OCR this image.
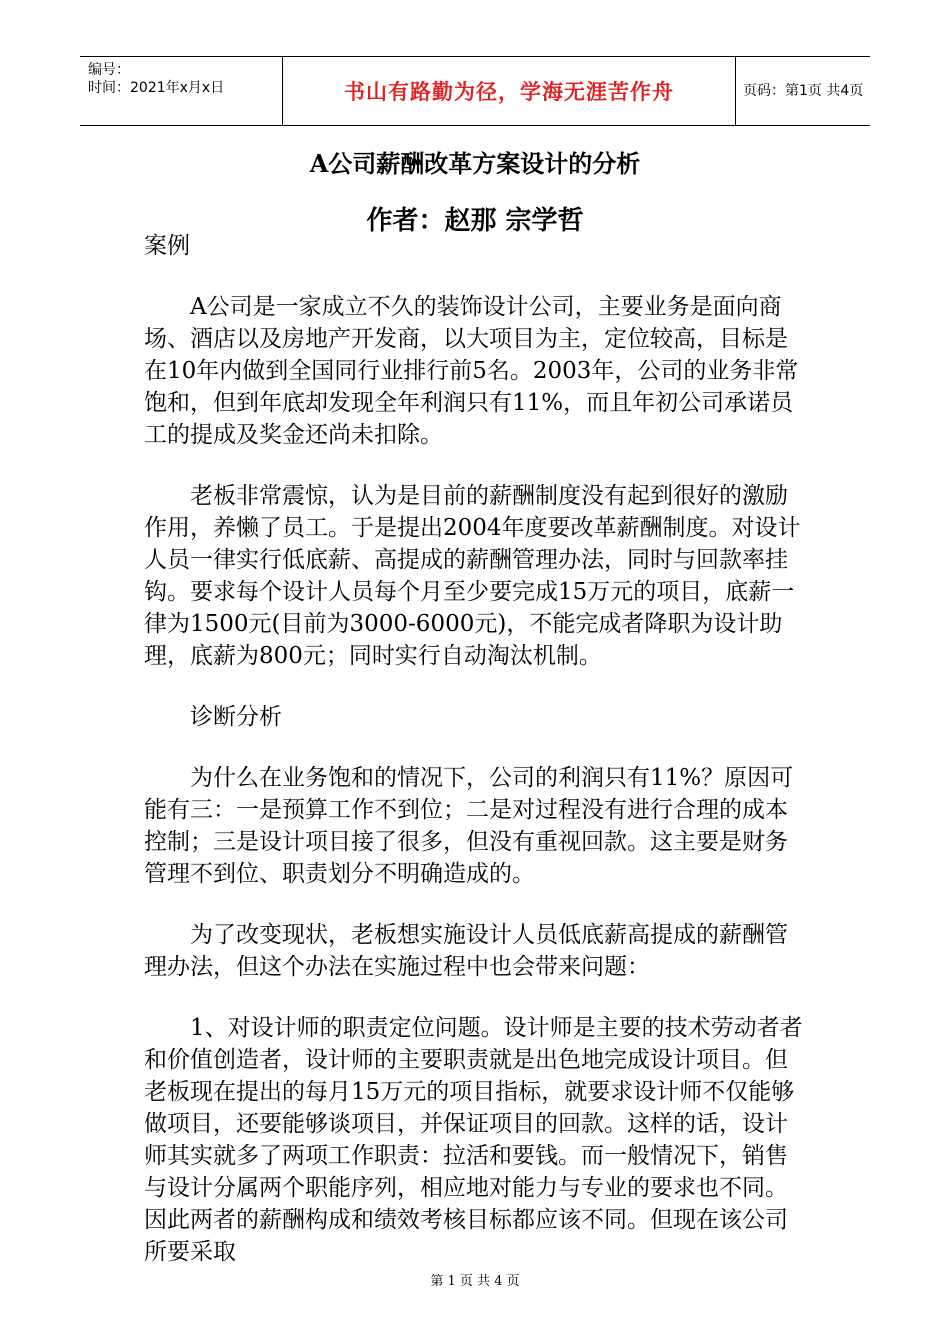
编号：
时间：2021年x月x日	书山有路勤为径，学海无涯苦作舟	页码：第1页 共4页
A公司薪酬改革方案设计的分析
作者：赵那 宗学哲

案例

A公司是一家成立不久的装饰设计公司，主要业务是面向商场、酒店以及房地产开发商，以大项目为主，定位较高，目标是在10年内做到全国同行业排行前5名。2003年，公司的业务非常饱和，但到年底却发现全年利润只有11%，而且年初公司承诺员工的提成及奖金还尚未扣除。

老板非常震惊，认为是目前的薪酬制度没有起到很好的激励作用，养懒了员工。于是提出2004年度要改革薪酬制度。对设计人员一律实行低底薪、高提成的薪酬管理办法，同时与回款率挂钩。要求每个设计人员每个月至少要完成15万元的项目，底薪一律为1500元(目前为3000-6000元)，不能完成者降职为设计助理，底薪为800元；同时实行自动淘汰机制。

诊断分析

为什么在业务饱和的情况下，公司的利润只有11%？原因可能有三：一是预算工作不到位；二是对过程没有进行合理的成本控制；三是设计项目接了很多，但没有重视回款。这主要是财务管理不到位、职责划分不明确造成的。

为了改变现状，老板想实施设计人员低底薪高提成的薪酬管理办法，但这个办法在实施过程中也会带来问题：

1、对设计师的职责定位问题。设计师是主要的技术劳动者者和价值创造者，设计师的主要职责就是出色地完成设计项目。但老板现在提出的每月15万元的项目指标，就要求设计师不仅能够做项目，还要能够谈项目，并保证项目的回款。这样的话，设计师其实就多了两项工作职责：拉活和要钱。而一般情况下，销售与设计分属两个职能序列，相应地对能力与专业的要求也不同。因此两者的薪酬构成和绩效考核目标都应该不同。但现在该公司所要采取

第 1 页 共 4 页
